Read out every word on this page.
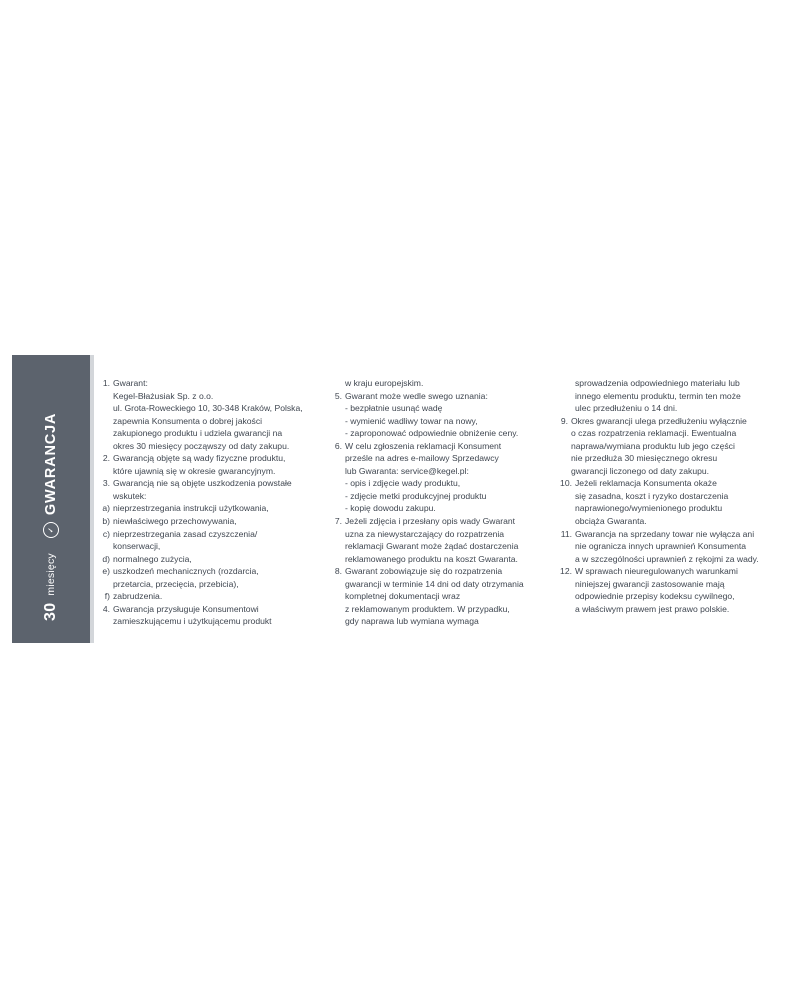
30
miesięcy
✓
GWARANCJA
1. Gwarant:
Kegel-Błażusiak Sp. z o.o.
ul. Grota-Roweckiego 10, 30-348 Kraków, Polska,
zapewnia Konsumenta o dobrej jakości
zakupionego produktu i udziela gwarancji na
okres 30 miesięcy począwszy od daty zakupu.
2. Gwarancją objęte są wady fizyczne produktu,
które ujawnią się w okresie gwarancyjnym.
3. Gwarancją nie są objęte uszkodzenia powstałe
wskutek:
a) nieprzestrzegania instrukcji użytkowania,
b) niewłaściwego przechowywania,
c) nieprzestrzegania zasad czyszczenia/
konserwacji,
d) normalnego zużycia,
e) uszkodzeń mechanicznych (rozdarcia,
przetarcia, przecięcia, przebicia),
f) zabrudzenia.
4. Gwarancja przysługuje Konsumentowi
zamieszkującemu i użytkującemu produkt
w kraju europejskim.
5. Gwarant może wedle swego uznania:
- bezpłatnie usunąć wadę
- wymienić wadliwy towar na nowy,
- zaproponować odpowiednie obniżenie ceny.
6. W celu zgłoszenia reklamacji Konsument
prześle na adres e-mailowy Sprzedawcy
lub Gwaranta: service@kegel.pl:
- opis i zdjęcie wady produktu,
- zdjęcie metki produkcyjnej produktu
- kopię dowodu zakupu.
7. Jeżeli zdjęcia i przesłany opis wady Gwarant
uzna za niewystarczający do rozpatrzenia
reklamacji Gwarant może żądać dostarczenia
reklamowanego produktu na koszt Gwaranta.
8. Gwarant zobowiązuje się do rozpatrzenia
gwarancji w terminie 14 dni od daty otrzymania
kompletnej dokumentacji wraz
z reklamowanym produktem. W przypadku,
gdy naprawa lub wymiana wymaga
sprowadzenia odpowiedniego materiału lub
innego elementu produktu, termin ten może
ulec przedłużeniu o 14 dni.
9. Okres gwarancji ulega przedłużeniu wyłącznie
o czas rozpatrzenia reklamacji. Ewentualna
naprawa/wymiana produktu lub jego części
nie przedłuża 30 miesięcznego okresu
gwarancji liczonego od daty zakupu.
10. Jeżeli reklamacja Konsumenta okaże
się zasadna, koszt i ryzyko dostarczenia
naprawionego/wymienionego produktu
obciąża Gwaranta.
11. Gwarancja na sprzedany towar nie wyłącza ani
nie ogranicza innych uprawnień Konsumenta
a w szczególności uprawnień z rękojmi za wady.
12. W sprawach nieuregulowanych warunkami
niniejszej gwarancji zastosowanie mają
odpowiednie przepisy kodeksu cywilnego,
a właściwym prawem jest prawo polskie.
